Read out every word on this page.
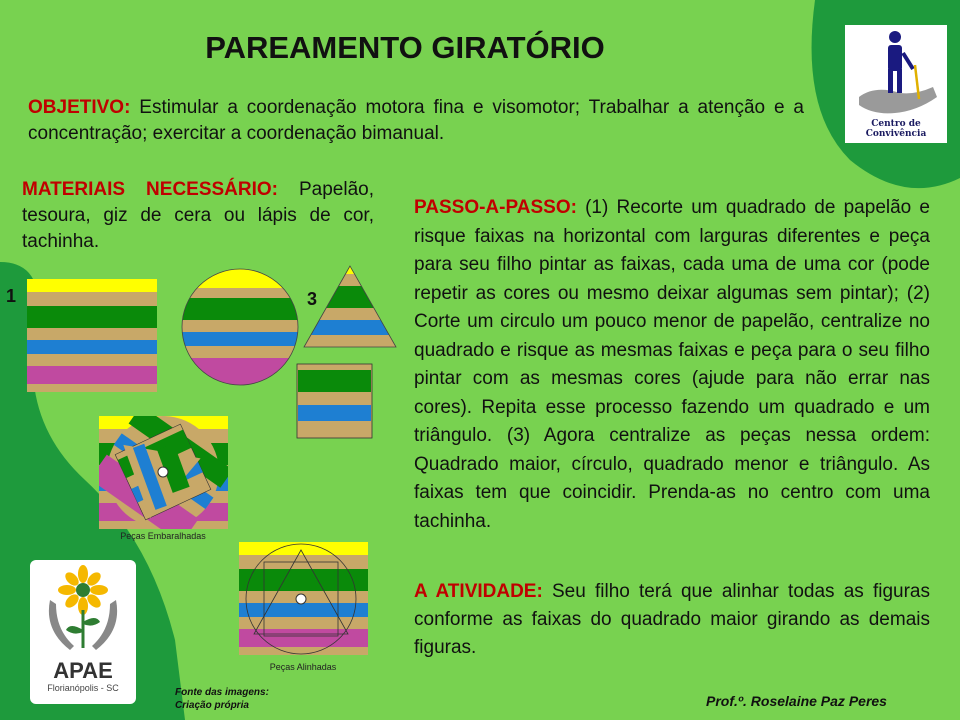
PAREAMENTO GIRATÓRIO
OBJETIVO: Estimular a coordenação motora fina e visomotor; Trabalhar a atenção e a concentração; exercitar a coordenação bimanual.
MATERIAIS NECESSÁRIO: Papelão, tesoura, giz de cera ou lápis de cor, tachinha.
PASSO-A-PASSO: (1) Recorte um quadrado de papelão e risque faixas na horizontal com larguras diferentes e peça para seu filho pintar as faixas, cada uma de uma cor (pode repetir as cores ou mesmo deixar algumas sem pintar); (2) Corte um circulo um pouco menor de papelão, centralize no quadrado e risque as mesmas faixas e peça para o seu filho pintar com as mesmas cores (ajude para não errar nas cores). Repita esse processo fazendo um quadrado e um triângulo. (3) Agora centralize as peças nessa ordem: Quadrado maior, círculo, quadrado menor e triângulo. As faixas tem que coincidir. Prenda-as no centro com uma tachinha.
A ATIVIDADE: Seu filho terá que alinhar todas as figuras conforme as faixas do quadrado maior girando as demais figuras.
1	3
Peças Embaralhadas
Peças Alinhadas
Centro de Convivência
APAE
Florianópolis - SC	Fonte das imagens:
Criação própria	Prof.º. Roselaine Paz Peres
